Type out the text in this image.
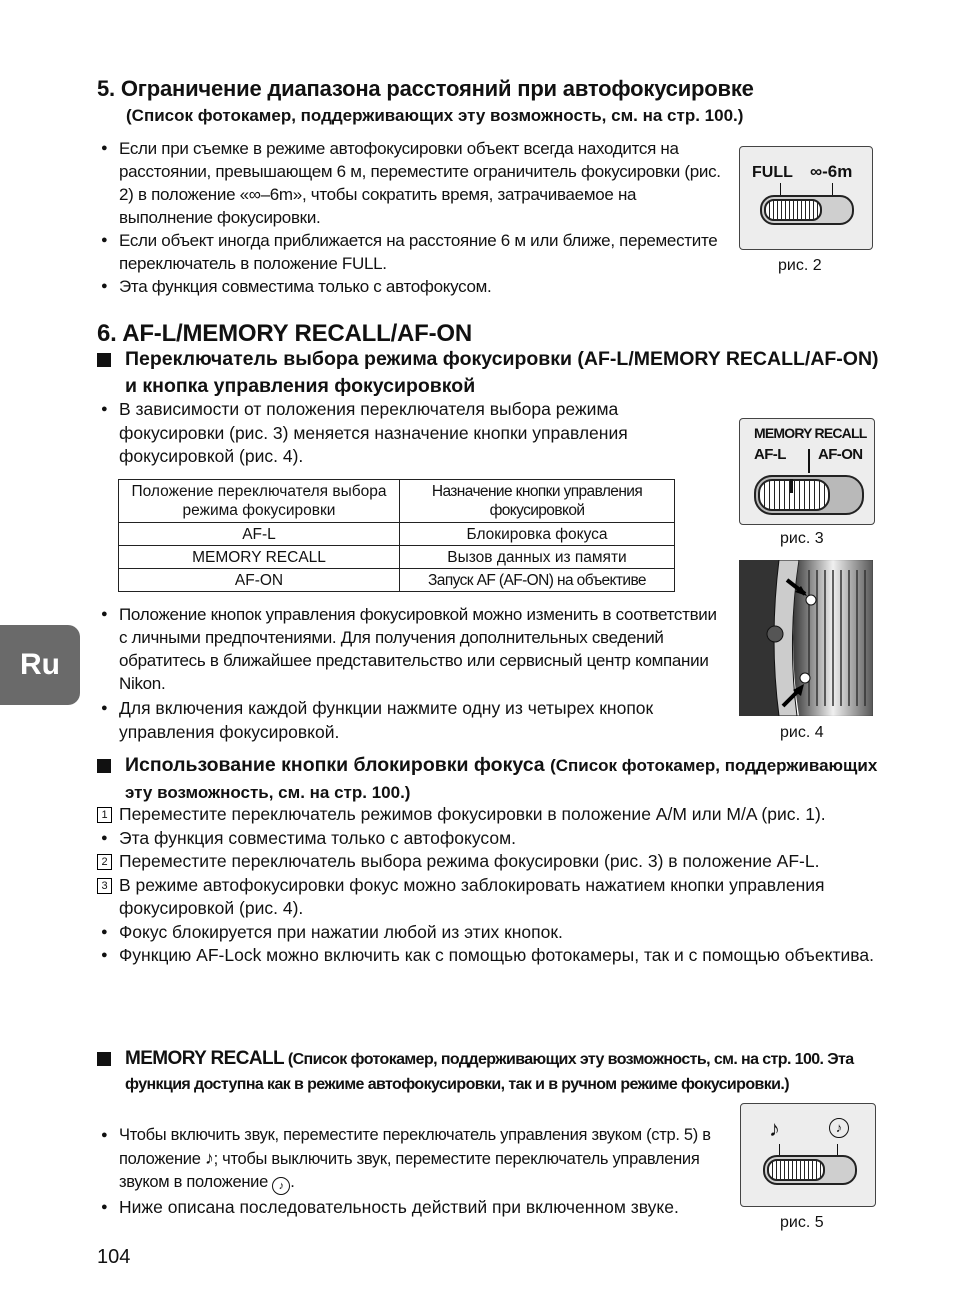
Ru
5. Ограничение диапазона расстояний при автофокусировке
(Список фотокамер, поддерживающих эту возможность, см. на стр. 100.)
● Если при съемке в режиме автофокусировки объект всегда находится на расстоянии, превышающем 6 м, переместите ограничитель фокусировки (рис. 2) в положение «∞–6m», чтобы сократить время, затрачиваемое на выполнение фокусировки.
● Если объект иногда приближается на расстояние 6 м или ближе, переместите переключатель в положение FULL.
● Эта функция совместима только с автофокусом.
FULL ∞-6m
рис. 2
6. AF-L/MEMORY RECALL/AF-ON
Переключатель выбора режима фокусировки (AF-L/MEMORY RECALL/AF-ON) и кнопка управления фокусировкой
● В зависимости от положения переключателя выбора режима фокусировки (рис. 3) меняется назначение кнопки управления фокусировкой (рис. 4).
Положение переключателя выбора режима фокусировки	Назначение кнопки управления фокусировкой
AF-L	Блокировка фокуса
MEMORY RECALL	Вызов данных из памяти
AF-ON	Запуск AF (AF-ON) на объективе
MEMORY RECALL
AF-L AF-ON
рис. 3
рис. 4
● Положение кнопок управления фокусировкой можно изменить в соответствии с личными предпочтениями. Для получения дополнительных сведений обратитесь в ближайшее представительство или сервисный центр компании Nikon.
● Для включения каждой функции нажмите одну из четырех кнопок управления фокусировкой.
Использование кнопки блокировки фокуса (Список фотокамер, поддерживающих эту возможность, см. на стр. 100.)
1 Переместите переключатель режимов фокусировки в положение A/M или M/A (рис. 1).
● Эта функция совместима только с автофокусом.
2 Переместите переключатель выбора режима фокусировки (рис. 3) в положение AF-L.
3 В режиме автофокусировки фокус можно заблокировать нажатием кнопки управления фокусировкой (рис. 4).
● Фокус блокируется при нажатии любой из этих кнопок.
● Функцию AF-Lock можно включить как с помощью фотокамеры, так и с помощью объектива.
MEMORY RECALL (Список фотокамер, поддерживающих эту возможность, см. на стр. 100. Эта функция доступна как в режиме автофокусировки, так и в ручном режиме фокусировки.)
● Чтобы включить звук, переместите переключатель управления звуком (стр. 5) в положение ♪; чтобы выключить звук, переместите переключатель управления звуком в положение ♪ .
● Ниже описана последовательность действий при включенном звуке.
♪	♪
рис. 5
104
